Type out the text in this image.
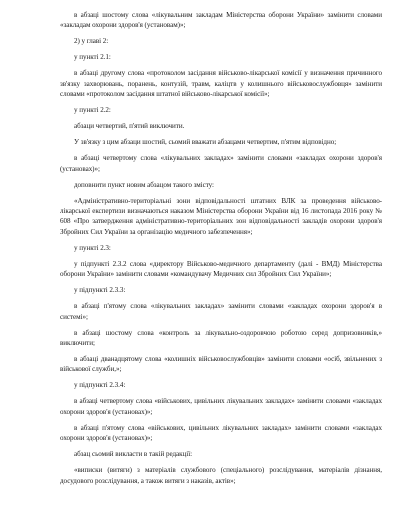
в абзаці шостому слова «лікувальним закладам Міністерства оборони України» замінити словами «закладам охорони здоров'я (установам)»;

2) у главі 2:

у пункті 2.1:

в абзаці другому слова «протоколом засідання військово-лікарської комісії у визначення причинного зв'язку захворювань, поранень, контузій, травм, каліцтв у колишнього військовослужбовця» замінити словами «протоколом засідання штатної військово-лікарської комісії»;

у пункті 2.2:

абзаци четвертий, п'ятий виключити.

У зв'язку з цим абзаци шостий, сьомий вважати абзацами четвертим, п'ятим відповідно;

в абзаці четвертому слова «лікувальних закладах» замінити словами «закладах охорони здоров'я (установах)»;

доповнити пункт новим абзацом такого змісту:

«Адміністративно-територіальні зони відповідальності штатних ВЛК за проведення військово-лікарської експертизи визначаються наказом Міністерства оборони України від 16 листопада 2016 року № 608 «Про затвердження адміністративно-територіальних зон відповідальності закладів охорони здоров'я Збройних Сил України за організацію медичного забезпечення»;

у пункті 2.3:

у підпункті 2.3.2 слова «директору Військово-медичного департаменту (далі - ВМД) Міністерства оборони України» замінити словами «командувачу Медичних сил Збройних Сил України»;

у підпункті 2.3.3:

в абзаці п'ятому слова «лікувальних закладах» замінити словами «закладах охорони здоров'я в системі»;

в абзаці шостому слова «контроль за лікувально-оздоровчою роботою серед допризовників,» виключити;

в абзаці дванадцятому слова «колишніх військовослужбовців» замінити словами «осіб, звільнених з військової служби,»;

у підпункті 2.3.4:

в абзаці четвертому слова «військових, цивільних лікувальних закладах» замінити словами «закладах охорони здоров'я (установах)»;

в абзаці п'ятому слова «військових, цивільних лікувальних закладах» замінити словами «закладах охорони здоров'я (установах)»;

абзац сьомий викласти в такій редакції:

«виписки (витяги) з матеріалів службового (спеціального) розслідування, матеріалів дізнання, досудового розслідування, а також витяги з наказів, актів»;
